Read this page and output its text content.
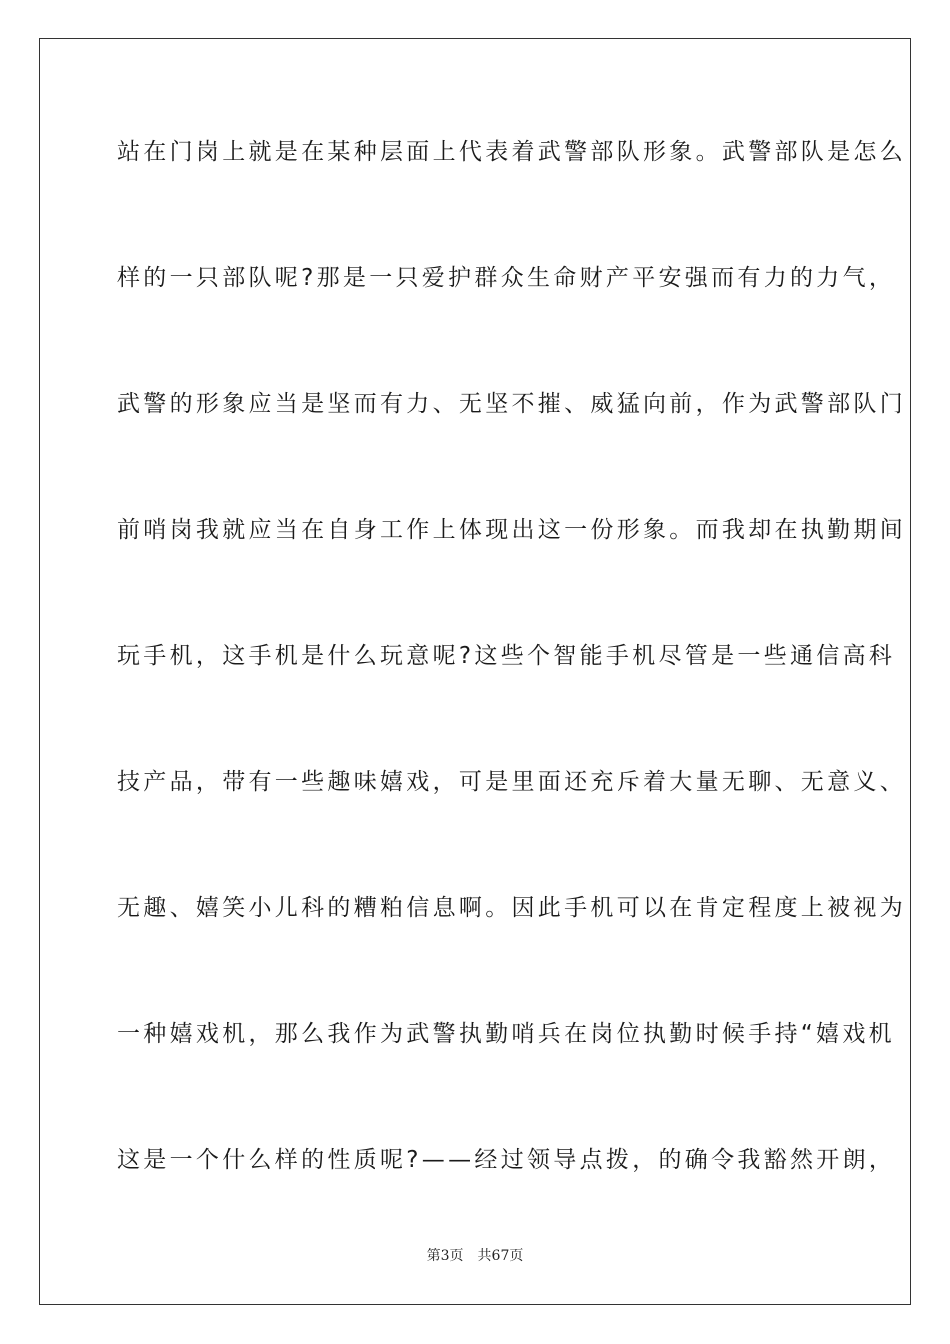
站在门岗上就是在某种层面上代表着武警部队形象。武警部队是怎么
样的一只部队呢?那是一只爱护群众生命财产平安强而有力的力气，
武警的形象应当是坚而有力、无坚不摧、威猛向前，作为武警部队门
前哨岗我就应当在自身工作上体现出这一份形象。而我却在执勤期间
玩手机，这手机是什么玩意呢?这些个智能手机尽管是一些通信高科
技产品，带有一些趣味嬉戏，可是里面还充斥着大量无聊、无意义、
无趣、嬉笑小儿科的糟粕信息啊。因此手机可以在肯定程度上被视为
一种嬉戏机，那么我作为武警执勤哨兵在岗位执勤时候手持“嬉戏机
这是一个什么样的性质呢?——经过领导点拨，的确令我豁然开朗，
第3页 共67页
